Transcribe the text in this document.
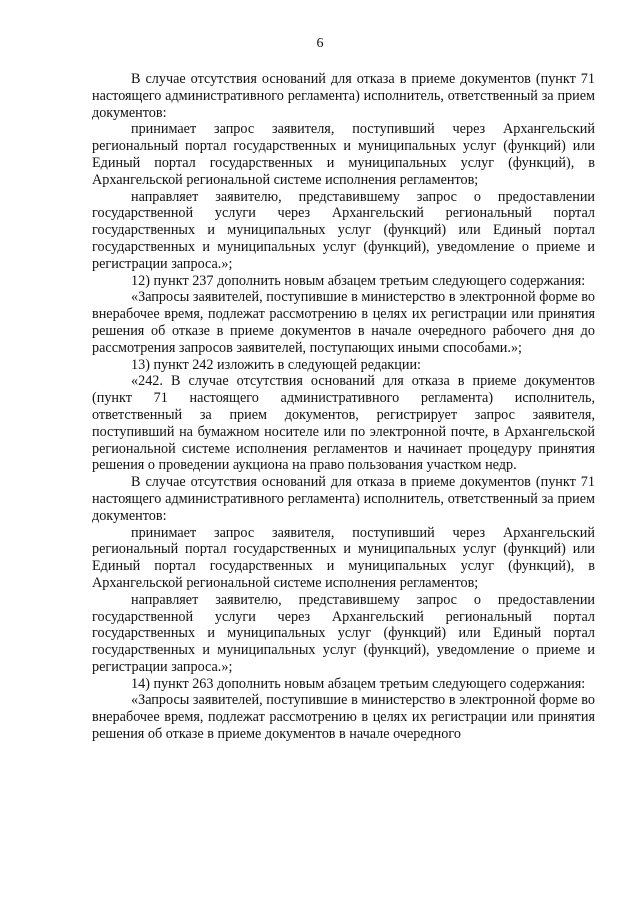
6

В случае отсутствия оснований для отказа в приеме документов (пункт 71 настоящего административного регламента) исполнитель, ответственный за прием документов:

принимает запрос заявителя, поступивший через Архангельский региональный портал государственных и муниципальных услуг (функций) или Единый портал государственных и муниципальных услуг (функций), в Архангельской региональной системе исполнения регламентов;

направляет заявителю, представившему запрос о предоставлении государственной услуги через Архангельский региональный портал государственных и муниципальных услуг (функций) или Единый портал государственных и муниципальных услуг (функций), уведомление о приеме и регистрации запроса.»;

12) пункт 237 дополнить новым абзацем третьим следующего содержания:

«Запросы заявителей, поступившие в министерство в электронной форме во внерабочее время, подлежат рассмотрению в целях их регистрации или принятия решения об отказе в приеме документов в начале очередного рабочего дня до рассмотрения запросов заявителей, поступающих иными способами.»;

13) пункт 242 изложить в следующей редакции:

«242. В случае отсутствия оснований для отказа в приеме документов (пункт 71 настоящего административного регламента) исполнитель, ответственный за прием документов, регистрирует запрос заявителя, поступивший на бумажном носителе или по электронной почте, в Архангельской региональной системе исполнения регламентов и начинает процедуру принятия решения о проведении аукциона на право пользования участком недр.

В случае отсутствия оснований для отказа в приеме документов (пункт 71 настоящего административного регламента) исполнитель, ответственный за прием документов:

принимает запрос заявителя, поступивший через Архангельский региональный портал государственных и муниципальных услуг (функций) или Единый портал государственных и муниципальных услуг (функций), в Архангельской региональной системе исполнения регламентов;

направляет заявителю, представившему запрос о предоставлении государственной услуги через Архангельский региональный портал государственных и муниципальных услуг (функций) или Единый портал государственных и муниципальных услуг (функций), уведомление о приеме и регистрации запроса.»;

14) пункт 263 дополнить новым абзацем третьим следующего содержания:

«Запросы заявителей, поступившие в министерство в электронной форме во внерабочее время, подлежат рассмотрению в целях их регистрации или принятия решения об отказе в приеме документов в начале очередного
